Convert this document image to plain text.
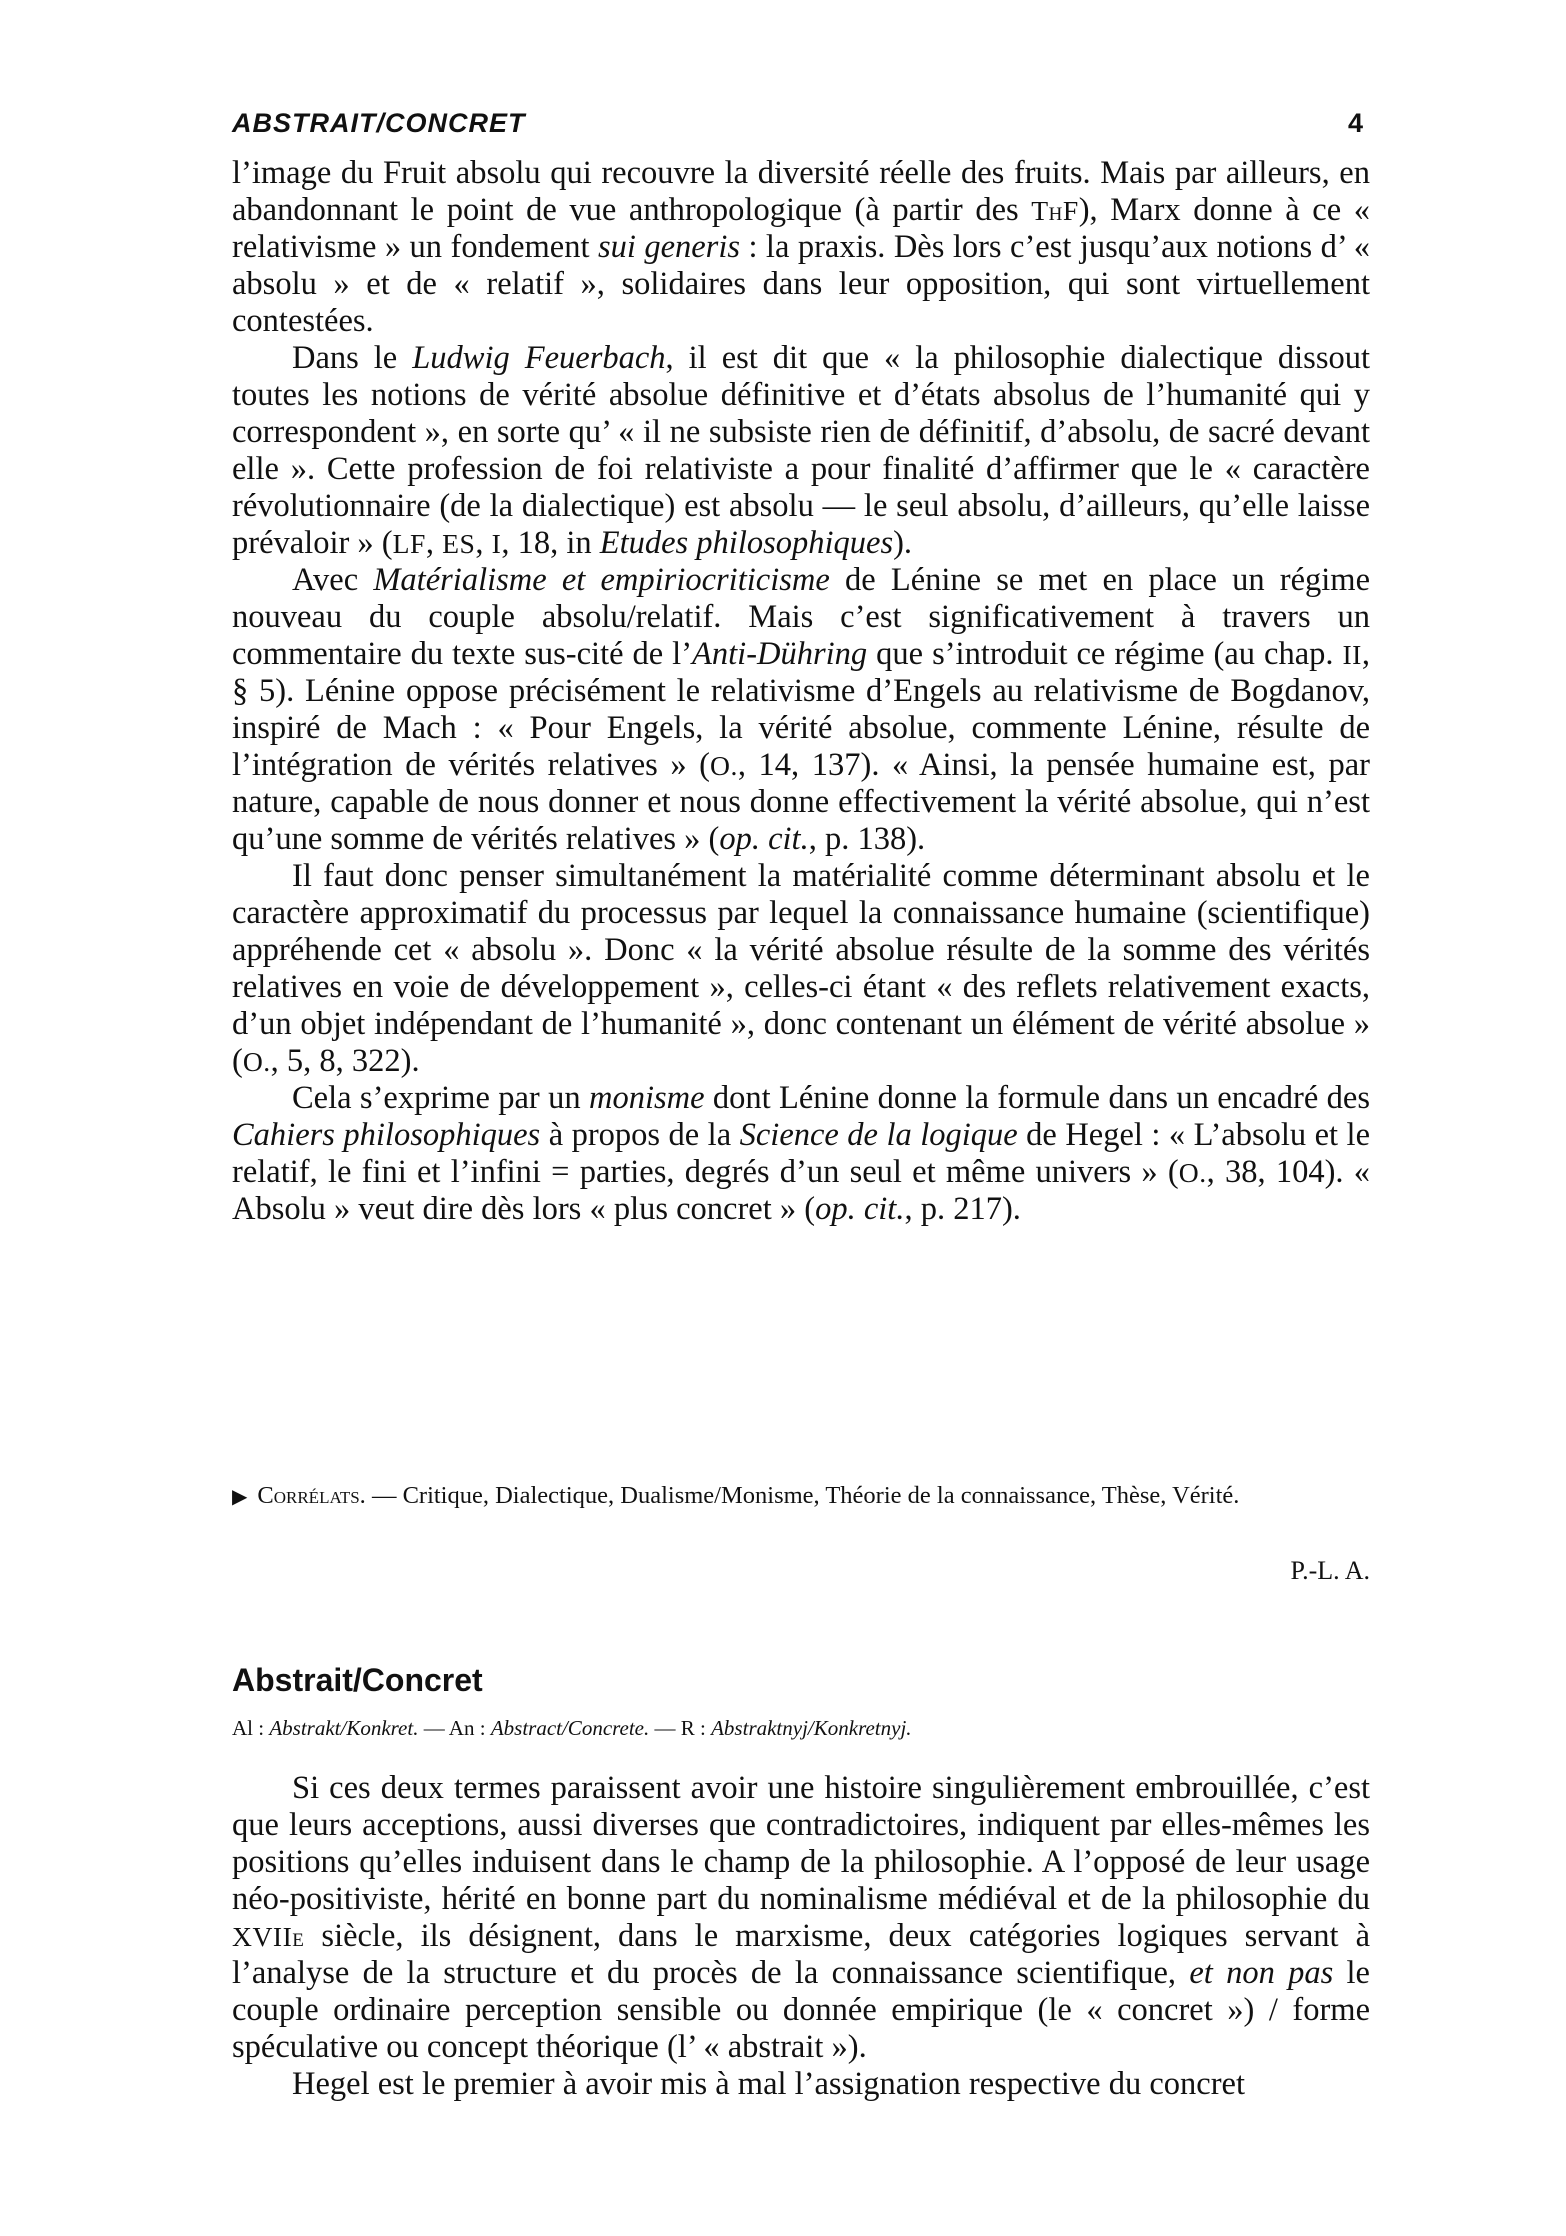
ABSTRAIT/CONCRET	4

l’image du Fruit absolu qui recouvre la diversité réelle des fruits. Mais par ailleurs, en abandonnant le point de vue anthropologique (à partir des ThF), Marx donne à ce « relativisme » un fondement sui generis : la praxis. Dès lors c’est jusqu’aux notions d’ « absolu » et de « relatif », solidaires dans leur opposition, qui sont virtuellement contestées.

Dans le Ludwig Feuerbach, il est dit que « la philosophie dialectique dissout toutes les notions de vérité absolue définitive et d’états absolus de l’humanité qui y correspondent », en sorte qu’ « il ne subsiste rien de définitif, d’absolu, de sacré devant elle ». Cette profession de foi relativiste a pour finalité d’affirmer que le « caractère révolutionnaire (de la dialectique) est absolu — le seul absolu, d’ailleurs, qu’elle laisse prévaloir » (LF, ES, I, 18, in Etudes philosophiques).

Avec Matérialisme et empiriocriticisme de Lénine se met en place un régime nouveau du couple absolu/relatif. Mais c’est significativement à travers un commentaire du texte sus-cité de l’Anti-Dühring que s’introduit ce régime (au chap. II, § 5). Lénine oppose précisément le relativisme d’Engels au relativisme de Bogdanov, inspiré de Mach : « Pour Engels, la vérité absolue, commente Lénine, résulte de l’intégration de vérités relatives » (O., 14, 137). « Ainsi, la pensée humaine est, par nature, capable de nous donner et nous donne effectivement la vérité absolue, qui n’est qu’une somme de vérités relatives » (op. cit., p. 138).

Il faut donc penser simultanément la matérialité comme déterminant absolu et le caractère approximatif du processus par lequel la connaissance humaine (scientifique) appréhende cet « absolu ». Donc « la vérité absolue résulte de la somme des vérités relatives en voie de développement », celles-ci étant « des reflets relativement exacts, d’un objet indépendant de l’humanité », donc contenant un élément de vérité absolue » (O., 5, 8, 322).

Cela s’exprime par un monisme dont Lénine donne la formule dans un encadré des Cahiers philosophiques à propos de la Science de la logique de Hegel : « L’absolu et le relatif, le fini et l’infini = parties, degrés d’un seul et même univers » (O., 38, 104). « Absolu » veut dire dès lors « plus concret » (op. cit., p. 217).

▶ Corrélats. — Critique, Dialectique, Dualisme/Monisme, Théorie de la connaissance, Thèse, Vérité.
P.-L. A.
Abstrait/Concret
Al : Abstrakt/Konkret. — An : Abstract/Concrete. — R : Abstraktnyj/Konkretnyj.

Si ces deux termes paraissent avoir une histoire singulièrement embrouillée, c’est que leurs acceptions, aussi diverses que contradictoires, indiquent par elles-mêmes les positions qu’elles induisent dans le champ de la philosophie. A l’opposé de leur usage néo-positiviste, hérité en bonne part du nominalisme médiéval et de la philosophie du XVIIe siècle, ils désignent, dans le marxisme, deux catégories logiques servant à l’analyse de la structure et du procès de la connaissance scientifique, et non pas le couple ordinaire perception sensible ou donnée empirique (le « concret ») / forme spéculative ou concept théorique (l’ « abstrait »).

Hegel est le premier à avoir mis à mal l’assignation respective du concret
